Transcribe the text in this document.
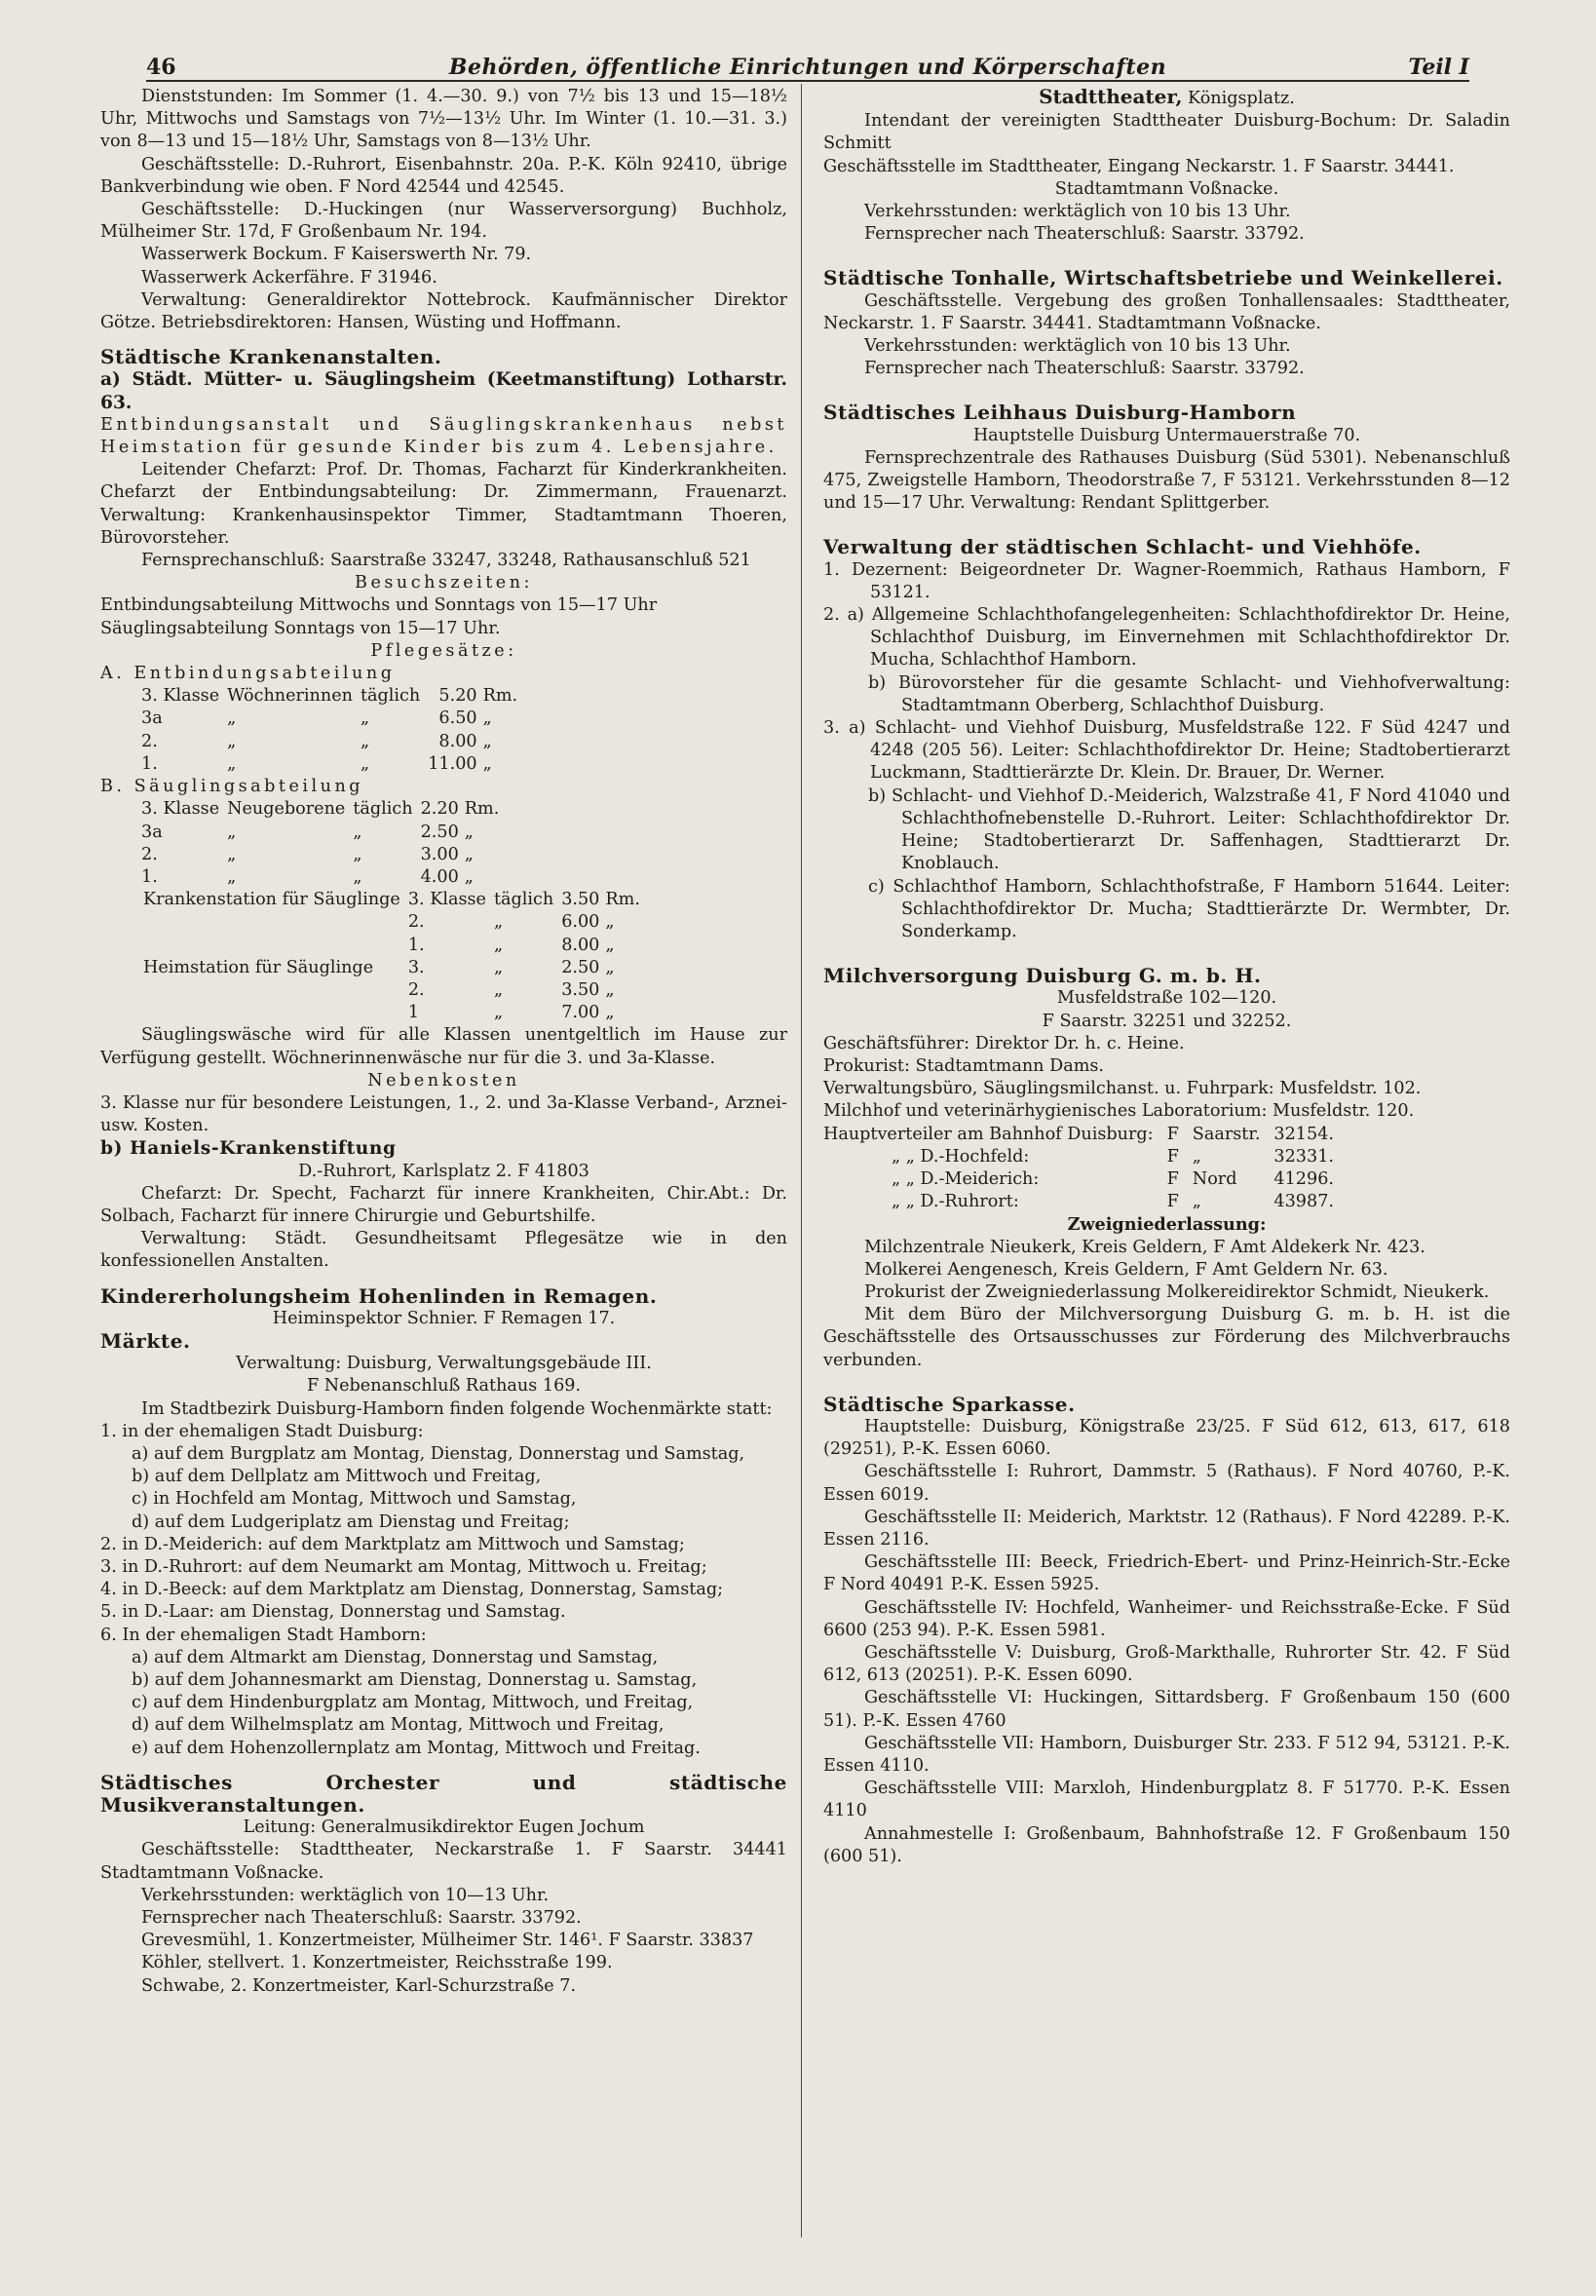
46	Behörden, öffentliche Einrichtungen und Körperschaften	Teil I

Dienststunden: Im Sommer (1. 4.—30. 9.) von 7½ bis 13 und 15—18½ Uhr, Mittwochs und Samstags von 7½—13½ Uhr. Im Winter (1. 10.—31. 3.) von 8—13 und 15—18½ Uhr, Samstags von 8—13½ Uhr.

Geschäftsstelle: D.-Ruhrort, Eisenbahnstr. 20a. P.-K. Köln 92410, übrige Bankverbindung wie oben. F Nord 42544 und 42545.

Geschäftsstelle: D.-Huckingen (nur Wasserversorgung) Buchholz, Mülheimer Str. 17d, F Großenbaum Nr. 194.

Wasserwerk Bockum. F Kaiserswerth Nr. 79.

Wasserwerk Ackerfähre. F 31946.

Verwaltung: Generaldirektor Nottebrock. Kaufmännischer Direktor Götze. Betriebsdirektoren: Hansen, Wüsting und Hoffmann.

Städtische Krankenanstalten.

a) Städt. Mütter- u. Säuglingsheim (Keetmanstiftung) Lotharstr. 63.

Entbindungsanstalt und Säuglingskrankenhaus nebst Heimstation für gesunde Kinder bis zum 4. Lebensjahre.

Leitender Chefarzt: Prof. Dr. Thomas, Facharzt für Kinderkrankheiten. Chefarzt der Entbindungsabteilung: Dr. Zimmermann, Frauenarzt. Verwaltung: Krankenhausinspektor Timmer, Stadtamtmann Thoeren, Bürovorsteher.

Fernsprechanschluß: Saarstraße 33247, 33248, Rathausanschluß 521

Besuchszeiten:

Entbindungsabteilung Mittwochs und Sonntags von 15—17 Uhr

Säuglingsabteilung Sonntags von 15—17 Uhr.

Pflegesätze:

A. Entbindungsabteilung

3. Klasse	Wöchnerinnen	täglich	5.20	Rm.
3a	„	„	6.50	„
2.	„	„	8.00	„
1.	„	„	11.00	„

B. Säuglingsabteilung

3. Klasse	Neugeborene	täglich	2.20	Rm.
3a	„	„	2.50	„
2.	„	„	3.00	„
1.	„	„	4.00	„
Krankenstation für Säuglinge	3. Klasse	täglich	3.50	Rm.
	2.	„	6.00	„
	1.	„	8.00	„
Heimstation für Säuglinge	3.	„	2.50	„
	2.	„	3.50	„
	1	„	7.00	„

Säuglingswäsche wird für alle Klassen unentgeltlich im Hause zur Verfügung gestellt. Wöchnerinnenwäsche nur für die 3. und 3a-Klasse.

Nebenkosten

3. Klasse nur für besondere Leistungen, 1., 2. und 3a-Klasse Verband-, Arznei- usw. Kosten.

b) Haniels-Krankenstiftung

D.-Ruhrort, Karlsplatz 2. F 41803

Chefarzt: Dr. Specht, Facharzt für innere Krankheiten, Chir.Abt.: Dr. Solbach, Facharzt für innere Chirurgie und Geburtshilfe.

Verwaltung: Städt. Gesundheitsamt Pflegesätze wie in den konfessionellen Anstalten.

Kindererholungsheim Hohenlinden in Remagen.

Heiminspektor Schnier. F Remagen 17.

Märkte.

Verwaltung: Duisburg, Verwaltungsgebäude III.

F Nebenanschluß Rathaus 169.

Im Stadtbezirk Duisburg-Hamborn finden folgende Wochenmärkte statt:

1. in der ehemaligen Stadt Duisburg:

a) auf dem Burgplatz am Montag, Dienstag, Donnerstag und Samstag,

b) auf dem Dellplatz am Mittwoch und Freitag,

c) in Hochfeld am Montag, Mittwoch und Samstag,

d) auf dem Ludgeriplatz am Dienstag und Freitag;

2. in D.-Meiderich: auf dem Marktplatz am Mittwoch und Samstag;

3. in D.-Ruhrort: auf dem Neumarkt am Montag, Mittwoch u. Freitag;

4. in D.-Beeck: auf dem Marktplatz am Dienstag, Donnerstag, Samstag;

5. in D.-Laar: am Dienstag, Donnerstag und Samstag.

6. In der ehemaligen Stadt Hamborn:

a) auf dem Altmarkt am Dienstag, Donnerstag und Samstag,

b) auf dem Johannesmarkt am Dienstag, Donnerstag u. Samstag,

c) auf dem Hindenburgplatz am Montag, Mittwoch, und Freitag,

d) auf dem Wilhelmsplatz am Montag, Mittwoch und Freitag,

e) auf dem Hohenzollernplatz am Montag, Mittwoch und Freitag.

Städtisches Orchester und städtische Musikveranstaltungen.

Leitung: Generalmusikdirektor Eugen Jochum

Geschäftsstelle: Stadttheater, Neckarstraße 1. F Saarstr. 34441 Stadtamtmann Voßnacke.

Verkehrsstunden: werktäglich von 10—13 Uhr.

Fernsprecher nach Theaterschluß: Saarstr. 33792.

Grevesmühl, 1. Konzertmeister, Mülheimer Str. 146¹. F Saarstr. 33837

Köhler, stellvert. 1. Konzertmeister, Reichsstraße 199.

Schwabe, 2. Konzertmeister, Karl-Schurzstraße 7.

Stadttheater, Königsplatz.

Intendant der vereinigten Stadttheater Duisburg-Bochum: Dr. Saladin Schmitt

Geschäftsstelle im Stadttheater, Eingang Neckarstr. 1. F Saarstr. 34441.

Stadtamtmann Voßnacke.

Verkehrsstunden: werktäglich von 10 bis 13 Uhr.

Fernsprecher nach Theaterschluß: Saarstr. 33792.

Städtische Tonhalle, Wirtschaftsbetriebe und Weinkellerei.

Geschäftsstelle. Vergebung des großen Tonhallensaales: Stadttheater, Neckarstr. 1. F Saarstr. 34441. Stadtamtmann Voßnacke.

Verkehrsstunden: werktäglich von 10 bis 13 Uhr.

Fernsprecher nach Theaterschluß: Saarstr. 33792.

Städtisches Leihhaus Duisburg-Hamborn

Hauptstelle Duisburg Untermauerstraße 70.

Fernsprechzentrale des Rathauses Duisburg (Süd 5301). Nebenanschluß 475, Zweigstelle Hamborn, Theodorstraße 7, F 53121. Verkehrsstunden 8—12 und 15—17 Uhr. Verwaltung: Rendant Splittgerber.

Verwaltung der städtischen Schlacht- und Viehhöfe.

1. Dezernent: Beigeordneter Dr. Wagner-Roemmich, Rathaus Hamborn, F 53121.

2. a) Allgemeine Schlachthofangelegenheiten: Schlachthofdirektor Dr. Heine, Schlachthof Duisburg, im Einvernehmen mit Schlachthofdirektor Dr. Mucha, Schlachthof Hamborn.

b) Bürovorsteher für die gesamte Schlacht- und Viehhofverwaltung: Stadtamtmann Oberberg, Schlachthof Duisburg.

3. a) Schlacht- und Viehhof Duisburg, Musfeldstraße 122. F Süd 4247 und 4248 (205 56). Leiter: Schlachthofdirektor Dr. Heine; Stadtobertierarzt Luckmann, Stadttierärzte Dr. Klein. Dr. Brauer, Dr. Werner.

b) Schlacht- und Viehhof D.-Meiderich, Walzstraße 41, F Nord 41040 und Schlachthofnebenstelle D.-Ruhrort. Leiter: Schlachthofdirektor Dr. Heine; Stadtobertierarzt Dr. Saffenhagen, Stadttierarzt Dr. Knoblauch.

c) Schlachthof Hamborn, Schlachthofstraße, F Hamborn 51644. Leiter: Schlachthofdirektor Dr. Mucha; Stadttierärzte Dr. Wermbter, Dr. Sonderkamp.

Milchversorgung Duisburg G. m. b. H.

Musfeldstraße 102—120.

F Saarstr. 32251 und 32252.

Geschäftsführer: Direktor Dr. h. c. Heine.

Prokurist: Stadtamtmann Dams.

Verwaltungsbüro, Säuglingsmilchanst. u. Fuhrpark: Musfeldstr. 102.

Milchhof und veterinärhygienisches Laboratorium: Musfeldstr. 120.

Hauptverteiler am Bahnhof Duisburg:	F	Saarstr.	32154.
„ „ D.-Hochfeld:	F	„	32331.
„ „ D.-Meiderich:	F	Nord	41296.
„ „ D.-Ruhrort:	F	„	43987.

Zweigniederlassung:

Milchzentrale Nieukerk, Kreis Geldern, F Amt Aldekerk Nr. 423.

Molkerei Aengenesch, Kreis Geldern, F Amt Geldern Nr. 63.

Prokurist der Zweigniederlassung Molkereidirektor Schmidt, Nieukerk.

Mit dem Büro der Milchversorgung Duisburg G. m. b. H. ist die Geschäftsstelle des Ortsausschusses zur Förderung des Milchverbrauchs verbunden.

Städtische Sparkasse.

Hauptstelle: Duisburg, Königstraße 23/25. F Süd 612, 613, 617, 618 (29251), P.-K. Essen 6060.

Geschäftsstelle I: Ruhrort, Dammstr. 5 (Rathaus). F Nord 40760, P.-K. Essen 6019.

Geschäftsstelle II: Meiderich, Marktstr. 12 (Rathaus). F Nord 42289. P.-K. Essen 2116.

Geschäftsstelle III: Beeck, Friedrich-Ebert- und Prinz-Heinrich-Str.-Ecke F Nord 40491 P.-K. Essen 5925.

Geschäftsstelle IV: Hochfeld, Wanheimer- und Reichsstraße-Ecke. F Süd 6600 (253 94). P.-K. Essen 5981.

Geschäftsstelle V: Duisburg, Groß-Markthalle, Ruhrorter Str. 42. F Süd 612, 613 (20251). P.-K. Essen 6090.

Geschäftsstelle VI: Huckingen, Sittardsberg. F Großenbaum 150 (600 51). P.-K. Essen 4760

Geschäftsstelle VII: Hamborn, Duisburger Str. 233. F 512 94, 53121. P.-K. Essen 4110.

Geschäftsstelle VIII: Marxloh, Hindenburgplatz 8. F 51770. P.-K. Essen 4110

Annahmestelle I: Großenbaum, Bahnhofstraße 12. F Großenbaum 150 (600 51).
